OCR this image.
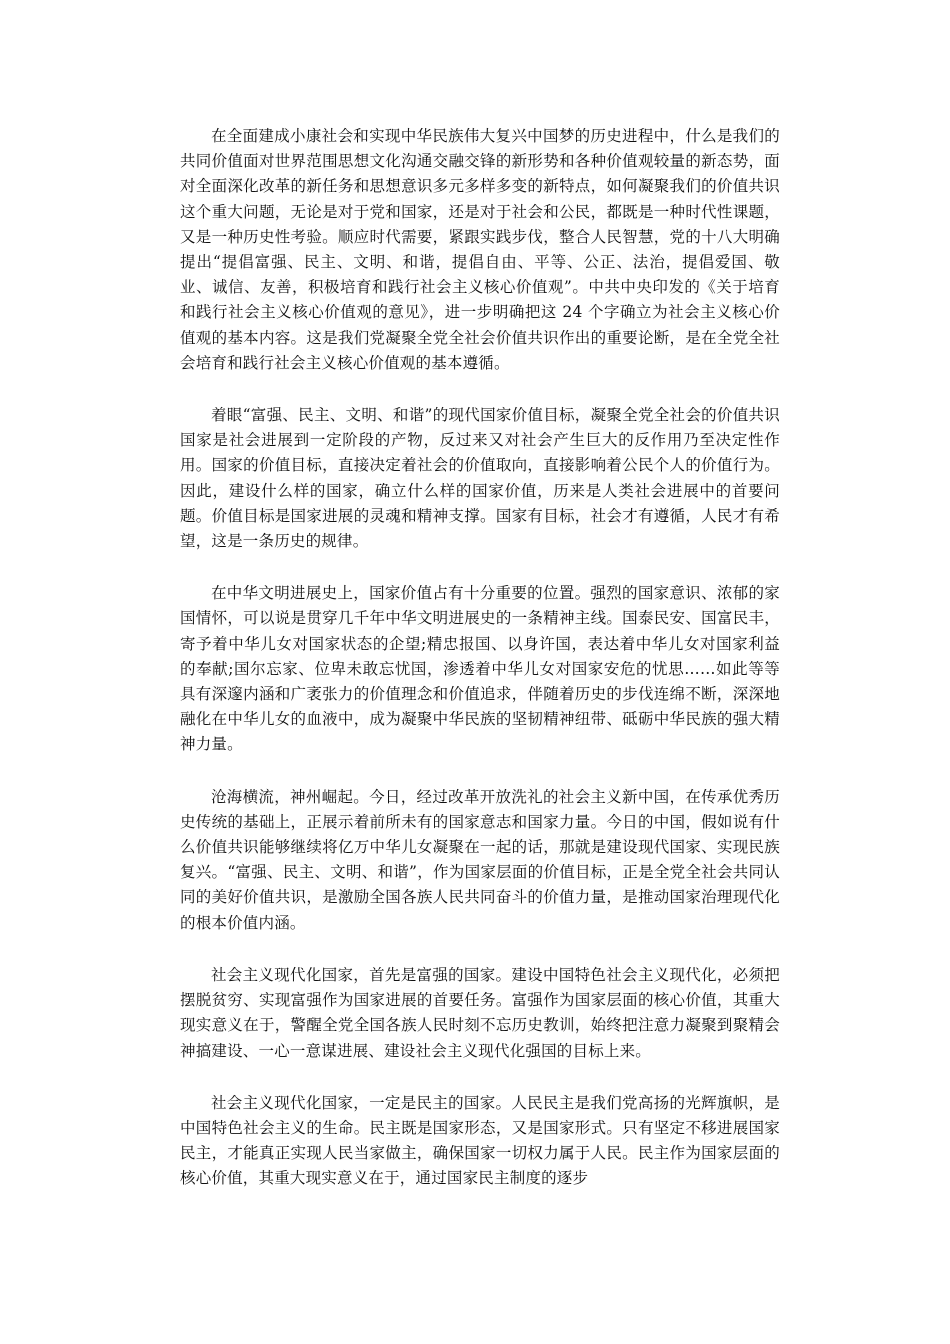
在全面建成小康社会和实现中华民族伟大复兴中国梦的历史进程中，什么是我们的共同价值面对世界范围思想文化沟通交融交锋的新形势和各种价值观较量的新态势，面对全面深化改革的新任务和思想意识多元多样多变的新特点，如何凝聚我们的价值共识这个重大问题，无论是对于党和国家，还是对于社会和公民，都既是一种时代性课题，又是一种历史性考验。顺应时代需要，紧跟实践步伐，整合人民智慧，党的十八大明确提出“提倡富强、民主、文明、和谐，提倡自由、平等、公正、法治，提倡爱国、敬业、诚信、友善，积极培育和践行社会主义核心价值观”。中共中央印发的《关于培育和践行社会主义核心价值观的意见》，进一步明确把这 24 个字确立为社会主义核心价值观的基本内容。这是我们党凝聚全党全社会价值共识作出的重要论断，是在全党全社会培育和践行社会主义核心价值观的基本遵循。

着眼“富强、民主、文明、和谐”的现代国家价值目标，凝聚全党全社会的价值共识国家是社会进展到一定阶段的产物，反过来又对社会产生巨大的反作用乃至决定性作用。国家的价值目标，直接决定着社会的价值取向，直接影响着公民个人的价值行为。因此，建设什么样的国家，确立什么样的国家价值，历来是人类社会进展中的首要问题。价值目标是国家进展的灵魂和精神支撑。国家有目标，社会才有遵循，人民才有希望，这是一条历史的规律。

在中华文明进展史上，国家价值占有十分重要的位置。强烈的国家意识、浓郁的家国情怀，可以说是贯穿几千年中华文明进展史的一条精神主线。国泰民安、国富民丰，寄予着中华儿女对国家状态的企望;精忠报国、以身许国，表达着中华儿女对国家利益的奉献;国尔忘家、位卑未敢忘忧国，渗透着中华儿女对国家安危的忧思……如此等等具有深邃内涵和广袤张力的价值理念和价值追求，伴随着历史的步伐连绵不断，深深地融化在中华儿女的血液中，成为凝聚中华民族的坚韧精神纽带、砥砺中华民族的强大精神力量。

沧海横流，神州崛起。今日，经过改革开放洗礼的社会主义新中国，在传承优秀历史传统的基础上，正展示着前所未有的国家意志和国家力量。今日的中国，假如说有什么价值共识能够继续将亿万中华儿女凝聚在一起的话，那就是建设现代国家、实现民族复兴。“富强、民主、文明、和谐”，作为国家层面的价值目标，正是全党全社会共同认同的美好价值共识，是激励全国各族人民共同奋斗的价值力量，是推动国家治理现代化的根本价值内涵。

社会主义现代化国家，首先是富强的国家。建设中国特色社会主义现代化，必须把摆脱贫穷、实现富强作为国家进展的首要任务。富强作为国家层面的核心价值，其重大现实意义在于，警醒全党全国各族人民时刻不忘历史教训，始终把注意力凝聚到聚精会神搞建设、一心一意谋进展、建设社会主义现代化强国的目标上来。

社会主义现代化国家，一定是民主的国家。人民民主是我们党高扬的光辉旗帜，是中国特色社会主义的生命。民主既是国家形态，又是国家形式。只有坚定不移进展国家民主，才能真正实现人民当家做主，确保国家一切权力属于人民。民主作为国家层面的核心价值，其重大现实意义在于，通过国家民主制度的逐步
